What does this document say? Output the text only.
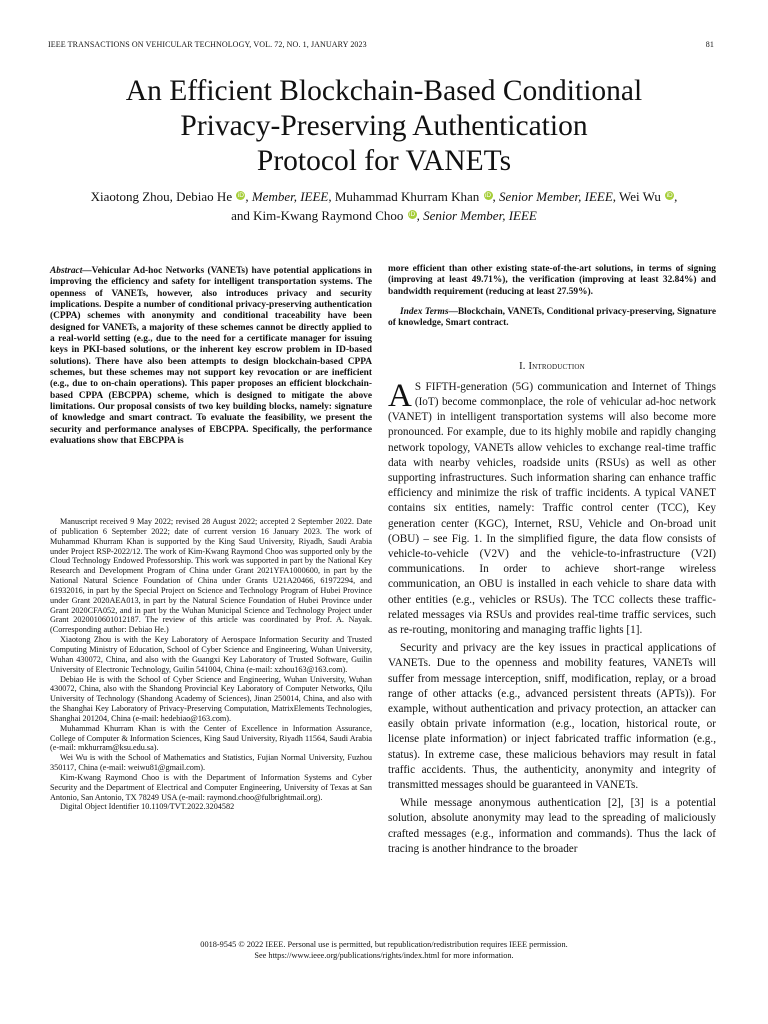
IEEE TRANSACTIONS ON VEHICULAR TECHNOLOGY, VOL. 72, NO. 1, JANUARY 2023	81
An Efficient Blockchain-Based Conditional
Privacy-Preserving Authentication
Protocol for VANETs
Xiaotong Zhou, Debiao He iD, Member, IEEE, Muhammad Khurram Khan iD, Senior Member, IEEE, Wei Wu iD,
and Kim-Kwang Raymond Choo iD, Senior Member, IEEE
Abstract—Vehicular Ad-hoc Networks (VANETs) have potential applications in improving the efficiency and safety for intelligent transportation systems. The openness of VANETs, however, also introduces privacy and security implications. Despite a number of conditional privacy-preserving authentication (CPPA) schemes with anonymity and conditional traceability have been designed for VANETs, a majority of these schemes cannot be directly applied to a real-world setting (e.g., due to the need for a certificate manager for issuing keys in PKI-based solutions, or the inherent key escrow problem in ID-based solutions). There have also been attempts to design blockchain-based CPPA schemes, but these schemes may not support key revocation or are inefficient (e.g., due to on-chain operations). This paper proposes an efficient blockchain-based CPPA (EBCPPA) scheme, which is designed to mitigate the above limitations. Our proposal consists of two key building blocks, namely: signature of knowledge and smart contract. To evaluate the feasibility, we present the security and performance analyses of EBCPPA. Specifically, the performance evaluations show that EBCPPA is

Manuscript received 9 May 2022; revised 28 August 2022; accepted 2 September 2022. Date of publication 6 September 2022; date of current version 16 January 2023. The work of Muhammad Khurram Khan is supported by the King Saud University, Riyadh, Saudi Arabia under Project RSP-2022/12. The work of Kim-Kwang Raymond Choo was supported only by the Cloud Technology Endowed Professorship. This work was supported in part by the National Key Research and Development Program of China under Grant 2021YFA1000600, in part by the National Natural Science Foundation of China under Grants U21A20466, 61972294, and 61932016, in part by the Special Project on Science and Technology Program of Hubei Province under Grant 2020AEA013, in part by the Natural Science Foundation of Hubei Province under Grant 2020CFA052, and in part by the Wuhan Municipal Science and Technology Project under Grant 2020010601012187. The review of this article was coordinated by Prof. A. Nayak. (Corresponding author: Debiao He.)

Xiaotong Zhou is with the Key Laboratory of Aerospace Information Security and Trusted Computing Ministry of Education, School of Cyber Science and Engineering, Wuhan University, Wuhan 430072, China, and also with the Guangxi Key Laboratory of Trusted Software, Guilin University of Electronic Technology, Guilin 541004, China (e-mail: xzhou163@163.com).

Debiao He is with the School of Cyber Science and Engineering, Wuhan University, Wuhan 430072, China, also with the Shandong Provincial Key Laboratory of Computer Networks, Qilu University of Technology (Shandong Academy of Sciences), Jinan 250014, China, and also with the Shanghai Key Laboratory of Privacy-Preserving Computation, MatrixElements Technologies, Shanghai 201204, China (e-mail: hedebiao@163.com).

Muhammad Khurram Khan is with the Center of Excellence in Information Assurance, College of Computer & Information Sciences, King Saud University, Riyadh 11564, Saudi Arabia (e-mail: mkhurram@ksu.edu.sa).

Wei Wu is with the School of Mathematics and Statistics, Fujian Normal University, Fuzhou 350117, China (e-mail: weiwu81@gmail.com).

Kim-Kwang Raymond Choo is with the Department of Information Systems and Cyber Security and the Department of Electrical and Computer Engineering, University of Texas at San Antonio, San Antonio, TX 78249 USA (e-mail: raymond.choo@fulbrightmail.org).

Digital Object Identifier 10.1109/TVT.2022.3204582

more efficient than other existing state-of-the-art solutions, in terms of signing (improving at least 49.71%), the verification (improving at least 32.84%) and bandwidth requirement (reducing at least 27.59%).

Index Terms—Blockchain, VANETs, Conditional privacy-preserving, Signature of knowledge, Smart contract.

I. Introduction

A S FIFTH-generation (5G) communication and Internet of Things (IoT) become commonplace, the role of vehicular ad-hoc network (VANET) in intelligent transportation systems will also become more pronounced. For example, due to its highly mobile and rapidly changing network topology, VANETs allow vehicles to exchange real-time traffic data with nearby vehicles, roadside units (RSUs) as well as other supporting infrastructures. Such information sharing can enhance traffic efficiency and minimize the risk of traffic incidents. A typical VANET contains six entities, namely: Traffic control center (TCC), Key generation center (KGC), Internet, RSU, Vehicle and On-broad unit (OBU) – see Fig. 1. In the simplified figure, the data flow consists of vehicle-to-vehicle (V2V) and the vehicle-to-infrastructure (V2I) communications. In order to achieve short-range wireless communication, an OBU is installed in each vehicle to share data with other entities (e.g., vehicles or RSUs). The TCC collects these traffic-related messages via RSUs and provides real-time traffic services, such as re-routing, monitoring and managing traffic lights [1].

Security and privacy are the key issues in practical applications of VANETs. Due to the openness and mobility features, VANETs will suffer from message interception, sniff, modification, replay, or a broad range of other attacks (e.g., advanced persistent threats (APTs)). For example, without authentication and privacy protection, an attacker can easily obtain private information (e.g., location, historical route, or license plate information) or inject fabricated traffic information (e.g., status). In extreme case, these malicious behaviors may result in fatal traffic accidents. Thus, the authenticity, anonymity and integrity of transmitted messages should be guaranteed in VANETs.

While message anonymous authentication [2], [3] is a potential solution, absolute anonymity may lead to the spreading of maliciously crafted messages (e.g., information and commands). Thus the lack of tracing is another hindrance to the broader

0018-9545 © 2022 IEEE. Personal use is permitted, but republication/redistribution requires IEEE permission.
See https://www.ieee.org/publications/rights/index.html for more information.
